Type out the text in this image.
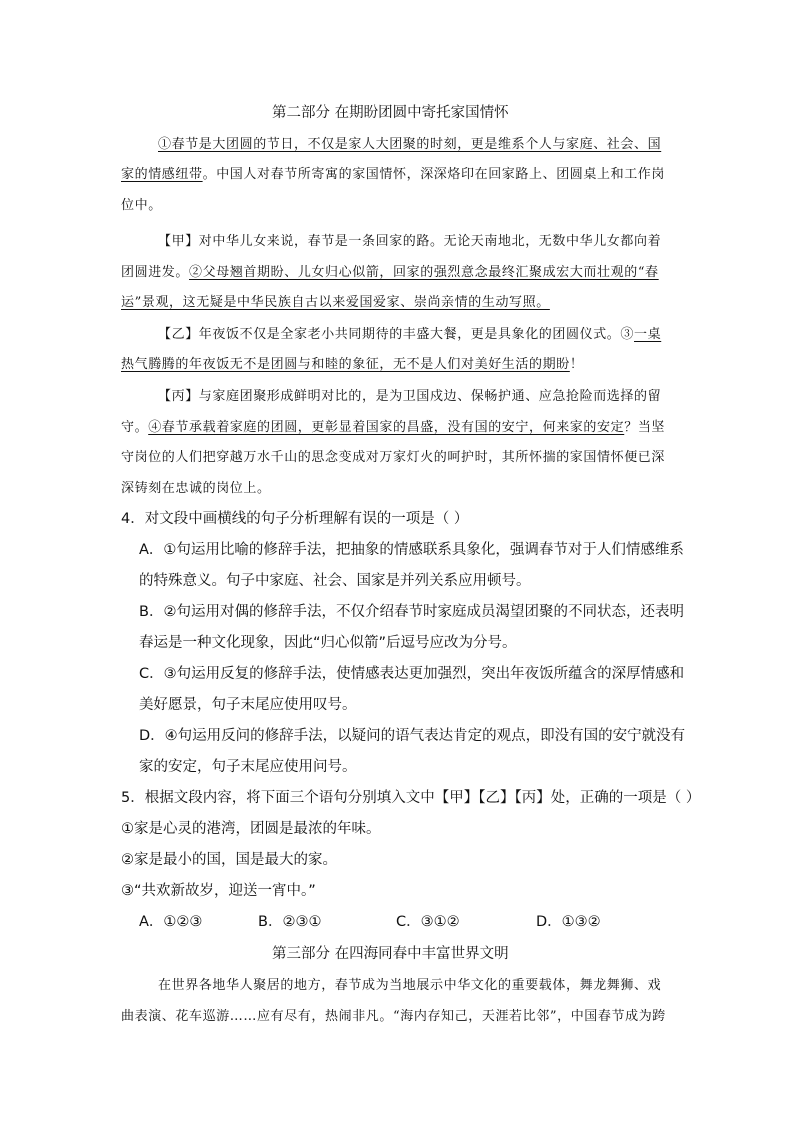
第二部分 在期盼团圆中寄托家国情怀
①春节是大团圆的节日，不仅是家人大团聚的时刻，更是维系个人与家庭、社会、国
家的情感纽带。中国人对春节所寄寓的家国情怀，深深烙印在回家路上、团圆桌上和工作岗
位中。
【甲】对中华儿女来说，春节是一条回家的路。无论天南地北，无数中华儿女都向着
团圆进发。②父母翘首期盼、儿女归心似箭，回家的强烈意念最终汇聚成宏大而壮观的“春
运”景观，这无疑是中华民族自古以来爱国爱家、崇尚亲情的生动写照。
【乙】年夜饭不仅是全家老小共同期待的丰盛大餐，更是具象化的团圆仪式。③一桌
热气腾腾的年夜饭无不是团圆与和睦的象征，无不是人们对美好生活的期盼！
【丙】与家庭团聚形成鲜明对比的，是为卫国戍边、保畅护通、应急抢险而选择的留
守。④春节承载着家庭的团圆，更彰显着国家的昌盛，没有国的安宁，何来家的安定？当坚
守岗位的人们把穿越万水千山的思念变成对万家灯火的呵护时，其所怀揣的家国情怀便已深
深铸刻在忠诚的岗位上。
4．对文段中画横线的句子分析理解有误的一项是（ ）
A．①句运用比喻的修辞手法，把抽象的情感联系具象化，强调春节对于人们情感维系
的特殊意义。句子中家庭、社会、国家是并列关系应用顿号。
B．②句运用对偶的修辞手法，不仅介绍春节时家庭成员渴望团聚的不同状态，还表明
春运是一种文化现象，因此“归心似箭”后逗号应改为分号。
C．③句运用反复的修辞手法，使情感表达更加强烈，突出年夜饭所蕴含的深厚情感和
美好愿景，句子末尾应使用叹号。
D．④句运用反问的修辞手法，以疑问的语气表达肯定的观点，即没有国的安宁就没有
家的安定，句子末尾应使用问号。
5．根据文段内容，将下面三个语句分别填入文中【甲】【乙】【丙】处，正确的一项是（ ）
①家是心灵的港湾，团圆是最浓的年味。
②家是最小的国，国是最大的家。
③“共欢新故岁，迎送一宵中。”
A．①②③	B．②③①	C．③①②	D．①③②
第三部分 在四海同春中丰富世界文明
在世界各地华人聚居的地方，春节成为当地展示中华文化的重要载体，舞龙舞狮、戏
曲表演、花车巡游……应有尽有，热闹非凡。“海内存知己，天涯若比邻”，中国春节成为跨
